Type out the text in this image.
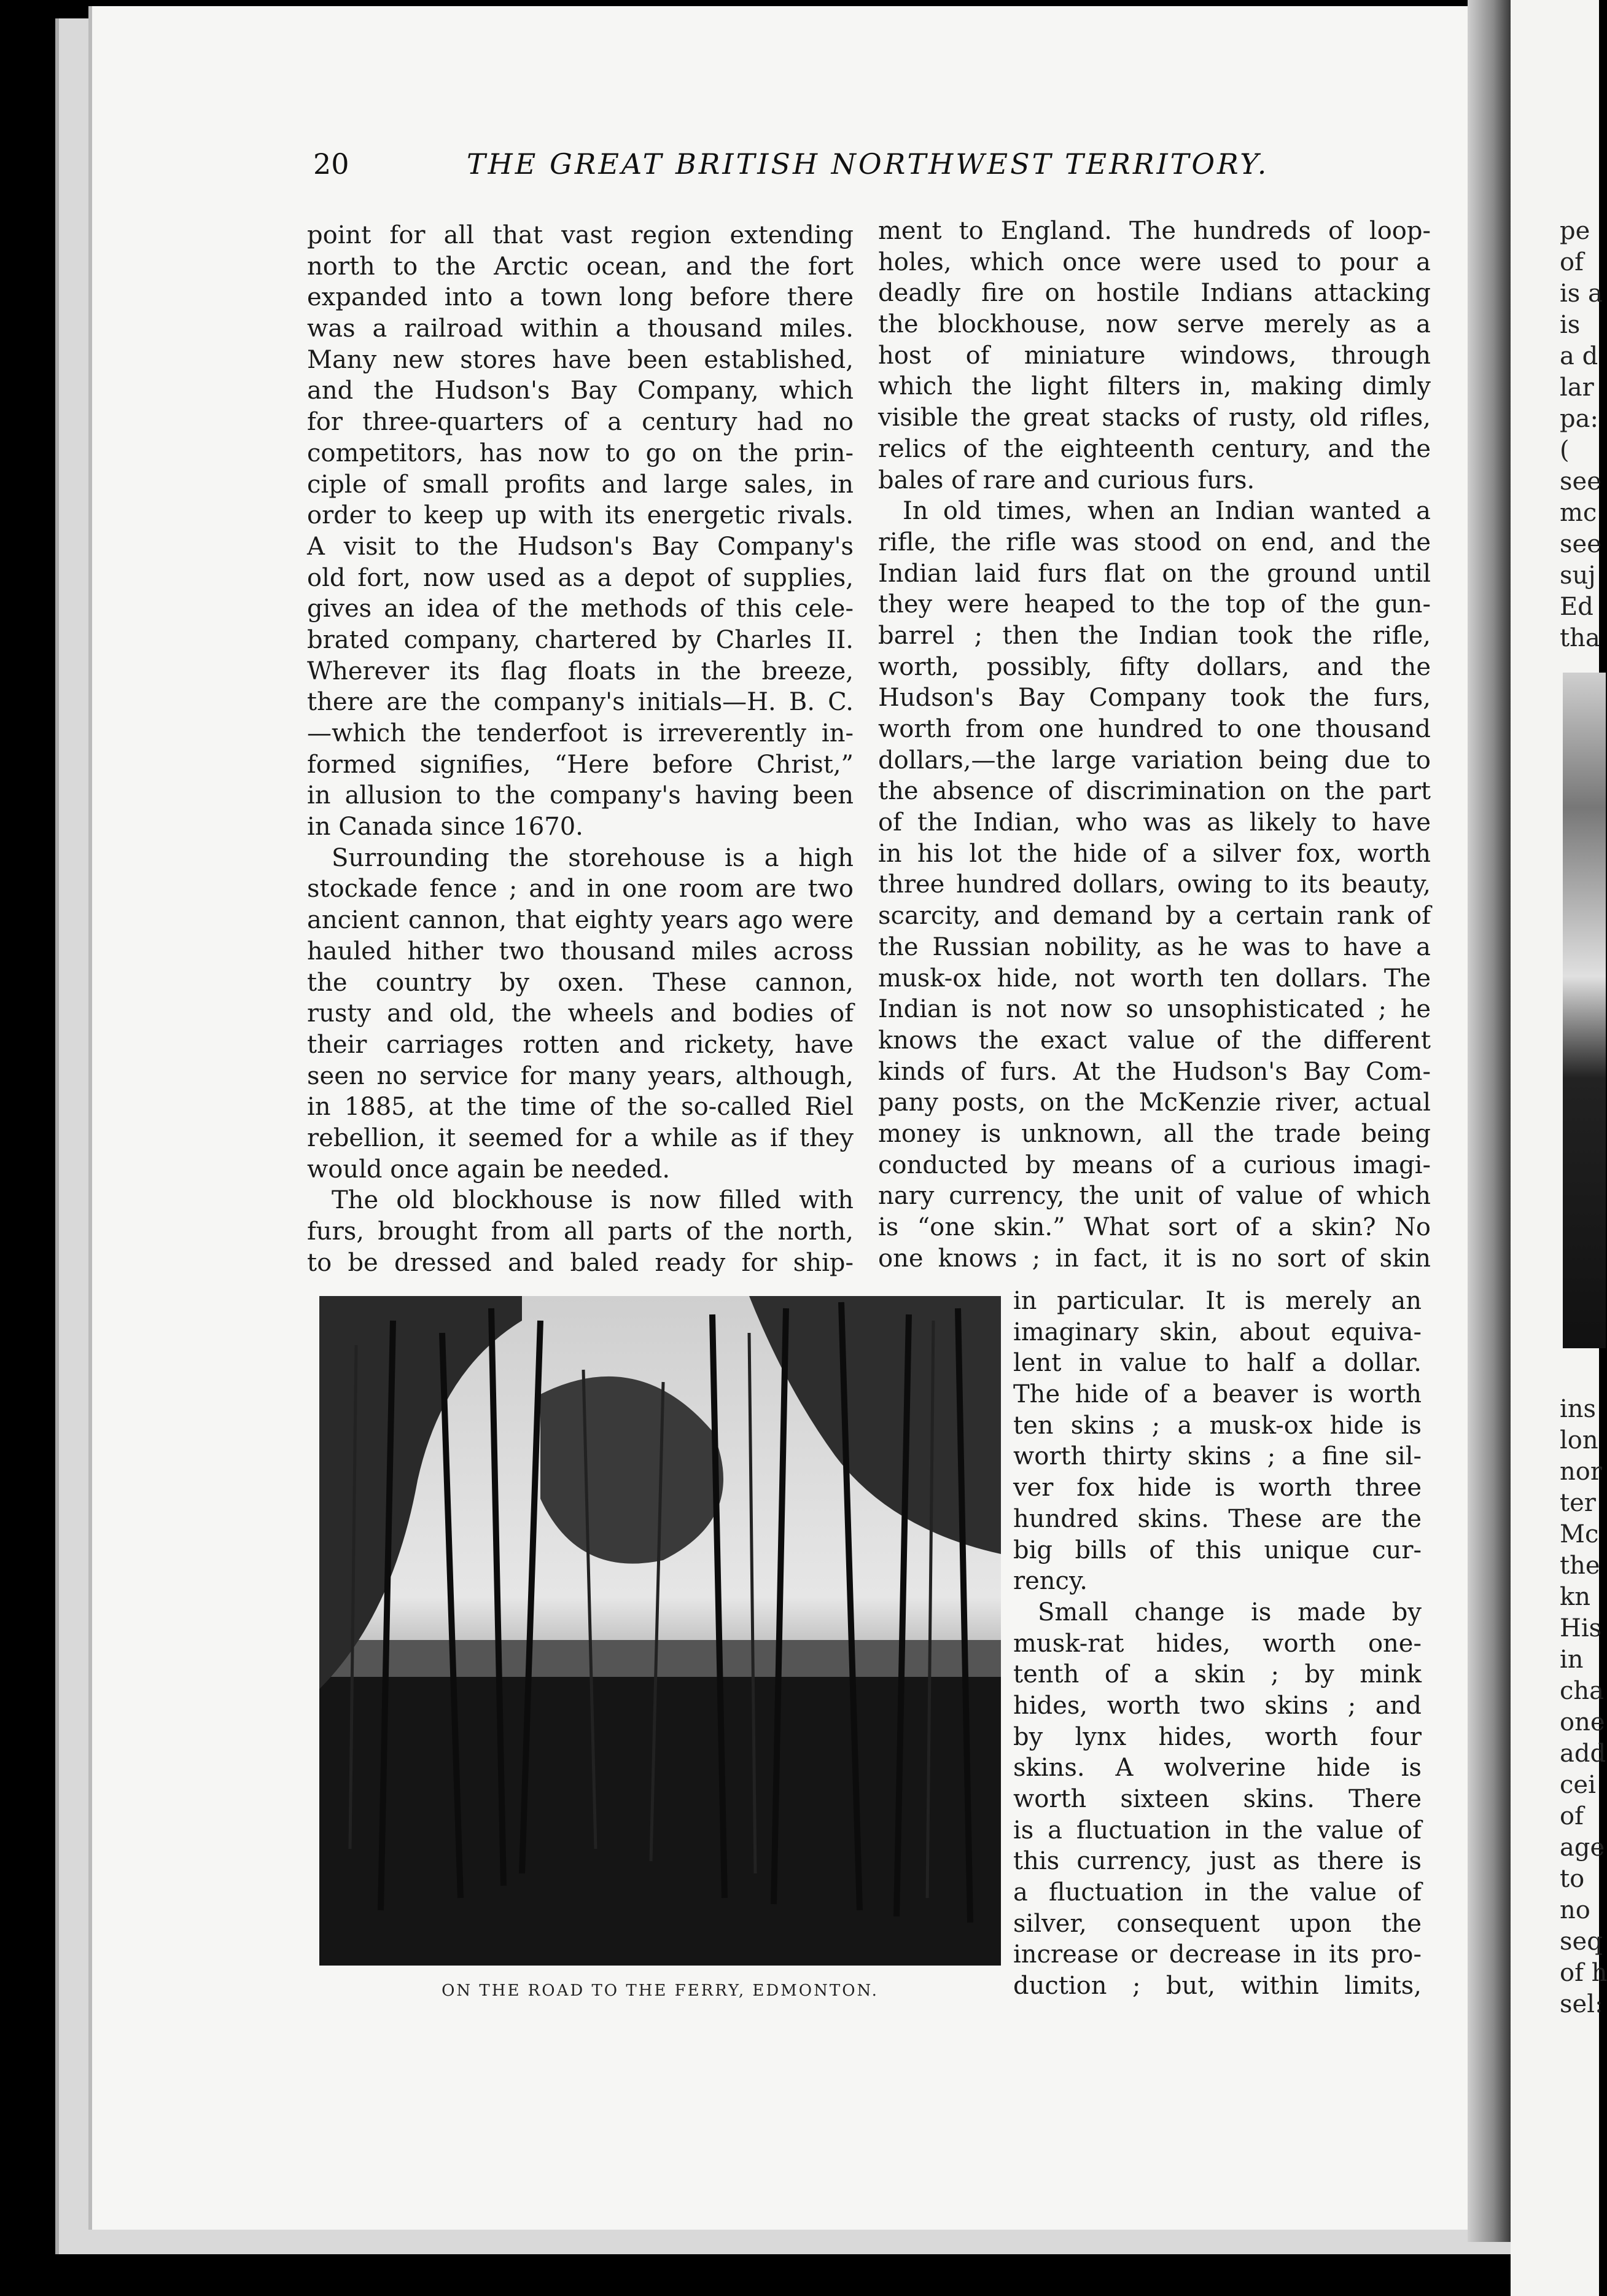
20	THE GREAT BRITISH NORTHWEST TERRITORY.
point for all that vast region extending
north to the Arctic ocean, and the fort
expanded into a town long before there
was a railroad within a thousand miles.
Many new stores have been established,
and the Hudson's Bay Company, which
for three-quarters of a century had no
competitors, has now to go on the prin-
ciple of small profits and large sales, in
order to keep up with its energetic rivals.
A visit to the Hudson's Bay Company's
old fort, now used as a depot of supplies,
gives an idea of the methods of this cele-
brated company, chartered by Charles II.
Wherever its flag floats in the breeze,
there are the company's initials—H. B. C.
—which the tenderfoot is irreverently in-
formed signifies, “Here before Christ,”
in allusion to the company's having been
in Canada since 1670.
Surrounding the storehouse is a high
stockade fence ; and in one room are two
ancient cannon, that eighty years ago were
hauled hither two thousand miles across
the country by oxen. These cannon,
rusty and old, the wheels and bodies of
their carriages rotten and rickety, have
seen no service for many years, although,
in 1885, at the time of the so-called Riel
rebellion, it seemed for a while as if they
would once again be needed.
The old blockhouse is now filled with
furs, brought from all parts of the north,
to be dressed and baled ready for ship-
ment to England. The hundreds of loop-
holes, which once were used to pour a
deadly fire on hostile Indians attacking
the blockhouse, now serve merely as a
host of miniature windows, through
which the light filters in, making dimly
visible the great stacks of rusty, old rifles,
relics of the eighteenth century, and the
bales of rare and curious furs.
In old times, when an Indian wanted a
rifle, the rifle was stood on end, and the
Indian laid furs flat on the ground until
they were heaped to the top of the gun-
barrel ; then the Indian took the rifle,
worth, possibly, fifty dollars, and the
Hudson's Bay Company took the furs,
worth from one hundred to one thousand
dollars,—the large variation being due to
the absence of discrimination on the part
of the Indian, who was as likely to have
in his lot the hide of a silver fox, worth
three hundred dollars, owing to its beauty,
scarcity, and demand by a certain rank of
the Russian nobility, as he was to have a
musk-ox hide, not worth ten dollars. The
Indian is not now so unsophisticated ; he
knows the exact value of the different
kinds of furs. At the Hudson's Bay Com-
pany posts, on the McKenzie river, actual
money is unknown, all the trade being
conducted by means of a curious imagi-
nary currency, the unit of value of which
is “one skin.” What sort of a skin? No
one knows ; in fact, it is no sort of skin
in particular. It is merely an
imaginary skin, about equiva-
lent in value to half a dollar.
The hide of a beaver is worth
ten skins ; a musk-ox hide is
worth thirty skins ; a fine sil-
ver fox hide is worth three
hundred skins. These are the
big bills of this unique cur-
rency.
Small change is made by
musk-rat hides, worth one-
tenth of a skin ; by mink
hides, worth two skins ; and
by lynx hides, worth four
skins. A wolverine hide is
worth sixteen skins. There
is a fluctuation in the value of
this currency, just as there is
a fluctuation in the value of
silver, consequent upon the
increase or decrease in its pro-
duction ; but, within limits,
ON THE ROAD TO THE FERRY, EDMONTON.
pe
of
is a
is
a d
lar
pa:
(
see
mc
see
suj
Ed
tha
ins
lon
nor
ter
Mc
the
kn
His
in
cha
one
add
cei
of
age
to
no
seq
of h
sel:
